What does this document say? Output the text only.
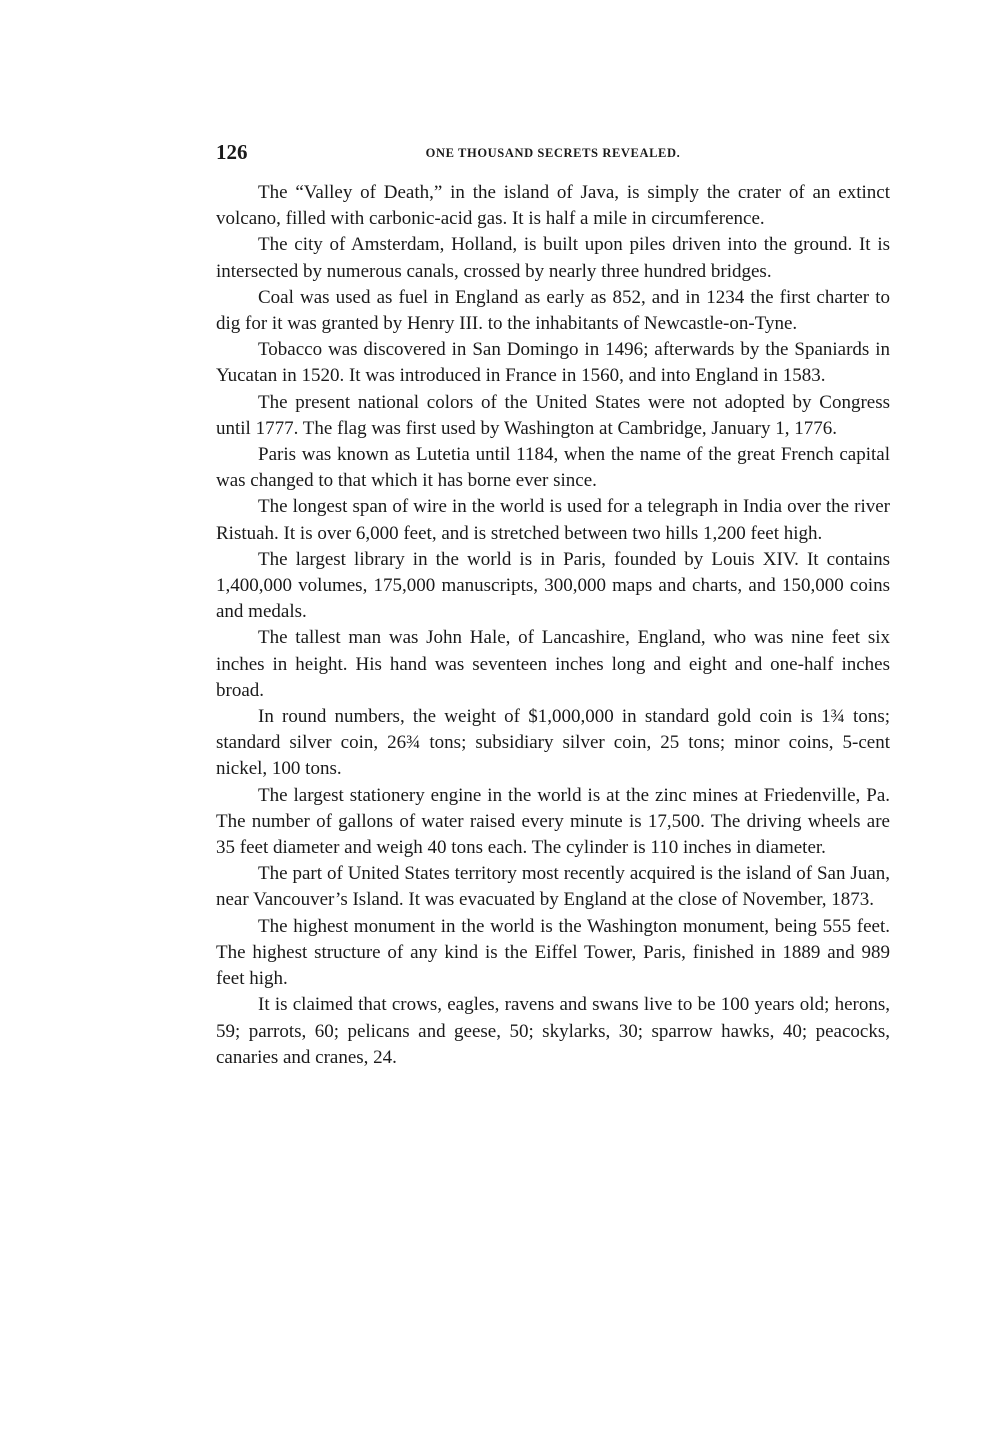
126	ONE THOUSAND SECRETS REVEALED.

The “Valley of Death,” in the island of Java, is simply the crater of an extinct volcano, filled with carbonic-acid gas. It is half a mile in circumference.

The city of Amsterdam, Holland, is built upon piles driven into the ground. It is intersected by numerous canals, crossed by nearly three hundred bridges.

Coal was used as fuel in England as early as 852, and in 1234 the first charter to dig for it was granted by Henry III. to the inhabitants of Newcastle-on-Tyne.

Tobacco was discovered in San Domingo in 1496; afterwards by the Spaniards in Yucatan in 1520. It was introduced in France in 1560, and into England in 1583.

The present national colors of the United States were not adopted by Congress until 1777. The flag was first used by Washington at Cambridge, January 1, 1776.

Paris was known as Lutetia until 1184, when the name of the great French capital was changed to that which it has borne ever since.

The longest span of wire in the world is used for a telegraph in India over the river Ristuah. It is over 6,000 feet, and is stretched between two hills 1,200 feet high.

The largest library in the world is in Paris, founded by Louis XIV. It contains 1,400,000 volumes, 175,000 manuscripts, 300,000 maps and charts, and 150,000 coins and medals.

The tallest man was John Hale, of Lancashire, England, who was nine feet six inches in height. His hand was seventeen inches long and eight and one-half inches broad.

In round numbers, the weight of $1,000,000 in standard gold coin is 1¾ tons; standard silver coin, 26¾ tons; subsidiary silver coin, 25 tons; minor coins, 5-cent nickel, 100 tons.

The largest stationery engine in the world is at the zinc mines at Friedenville, Pa. The number of gallons of water raised every minute is 17,500. The driving wheels are 35 feet diameter and weigh 40 tons each. The cylinder is 110 inches in diameter.

The part of United States territory most recently acquired is the island of San Juan, near Vancouver’s Island. It was evacuated by England at the close of November, 1873.

The highest monument in the world is the Washington monument, being 555 feet. The highest structure of any kind is the Eiffel Tower, Paris, finished in 1889 and 989 feet high.

It is claimed that crows, eagles, ravens and swans live to be 100 years old; herons, 59; parrots, 60; pelicans and geese, 50; skylarks, 30; sparrow hawks, 40; peacocks, canaries and cranes, 24.
